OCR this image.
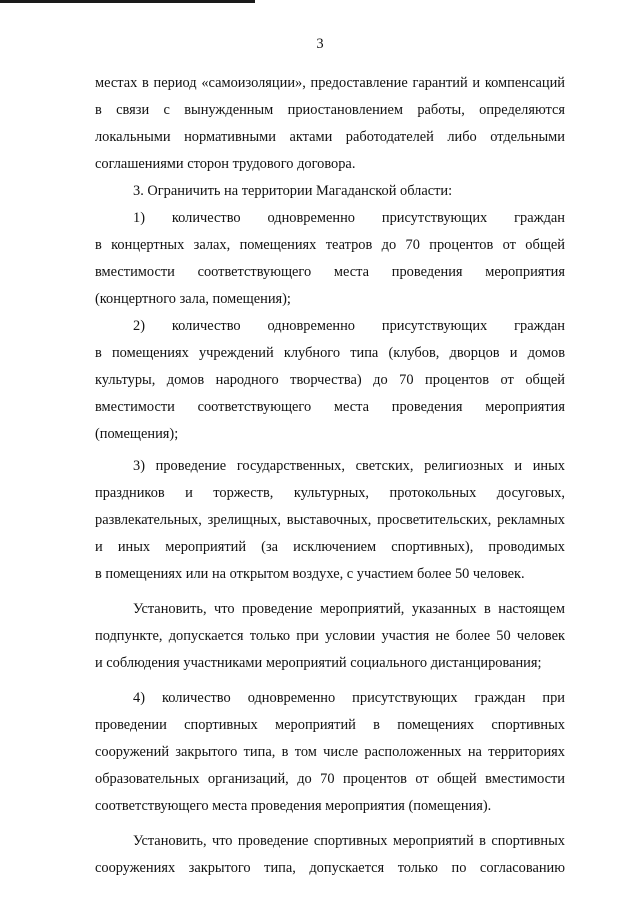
3
местах в период «самоизоляции», предоставление гарантий и компенсаций
в связи с вынужденным приостановлением работы, определяются
локальными нормативными актами работодателей либо отдельными
соглашениями сторон трудового договора.
3. Ограничить на территории Магаданской области:
1) количество одновременно присутствующих граждан
в концертных залах, помещениях театров до 70 процентов от общей
вместимости соответствующего места проведения мероприятия
(концертного зала, помещения);
2) количество одновременно присутствующих граждан
в помещениях учреждений клубного типа (клубов, дворцов и домов
культуры, домов народного творчества) до 70 процентов от общей
вместимости соответствующего места проведения мероприятия
(помещения);
3) проведение государственных, светских, религиозных и иных
праздников и торжеств, культурных, протокольных досуговых,
развлекательных, зрелищных, выставочных, просветительских, рекламных
и иных мероприятий (за исключением спортивных), проводимых
в помещениях или на открытом воздухе, с участием более 50 человек.
Установить, что проведение мероприятий, указанных в настоящем
подпункте, допускается только при условии участия не более 50 человек
и соблюдения участниками мероприятий социального дистанцирования;
4) количество одновременно присутствующих граждан при
проведении спортивных мероприятий в помещениях спортивных
сооружений закрытого типа, в том числе расположенных на территориях
образовательных организаций, до 70 процентов от общей вместимости
соответствующего места проведения мероприятия (помещения).
Установить, что проведение спортивных мероприятий в спортивных
сооружениях закрытого типа, допускается только по согласованию
